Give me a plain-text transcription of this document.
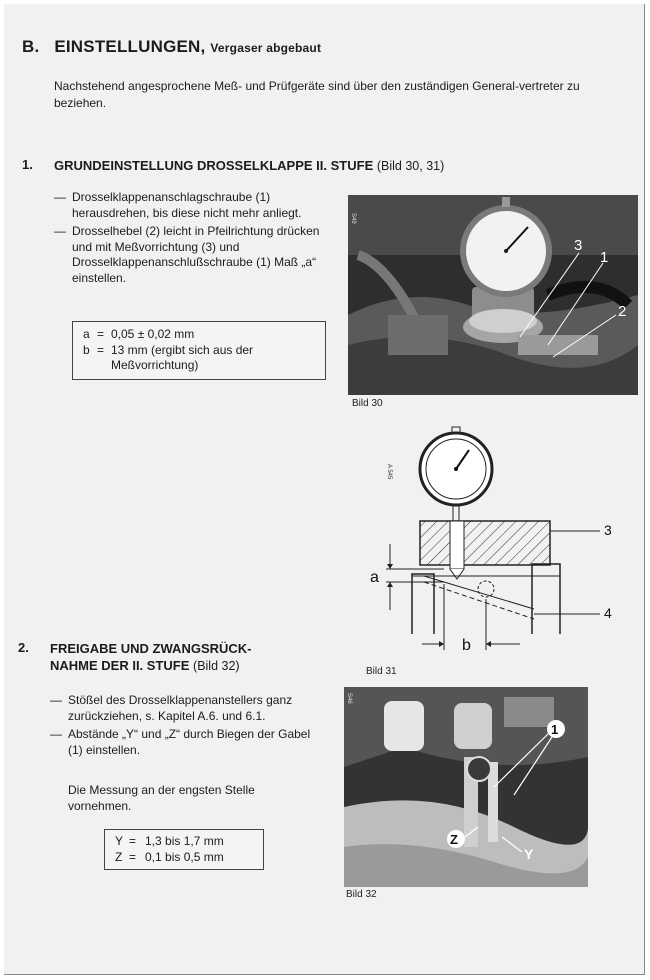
B. EINSTELLUNGEN, Vergaser abgebaut
Nachstehend angesprochene Meß- und Prüfgeräte sind über den zuständigen General-vertreter zu beziehen.
1. GRUNDEINSTELLUNG DROSSELKLAPPE II. STUFE (Bild 30, 31)
— Drosselklappenanschlagschraube (1) herausdrehen, bis diese nicht mehr anliegt.
— Drosselhebel (2) leicht in Pfeilrichtung drücken und mit Meßvorrichtung (3) und Drosselklappenanschlußschraube (1) Maß „a“ einstellen.
a	=	0,05 ± 0,02 mm
b	=	13 mm (ergibt sich aus der Meßvorrichtung)
3
1
2
S49
Bild 30
3
4
a
b
A 545
Bild 31
2. FREIGABE UND ZWANGSRÜCK-
NAHME DER II. STUFE (Bild 32)
— Stößel des Drosselklappenanstellers ganz zurückziehen, s. Kapitel A.6. und 6.1.
— Abstände „Y“ und „Z“ durch Biegen der Gabel (1) einstellen.
Die Messung an der engsten Stelle vornehmen.
Y	=	1,3 bis 1,7 mm
Z	=	0,1 bis 0,5 mm
1
Z
Y
S46
Bild 32
